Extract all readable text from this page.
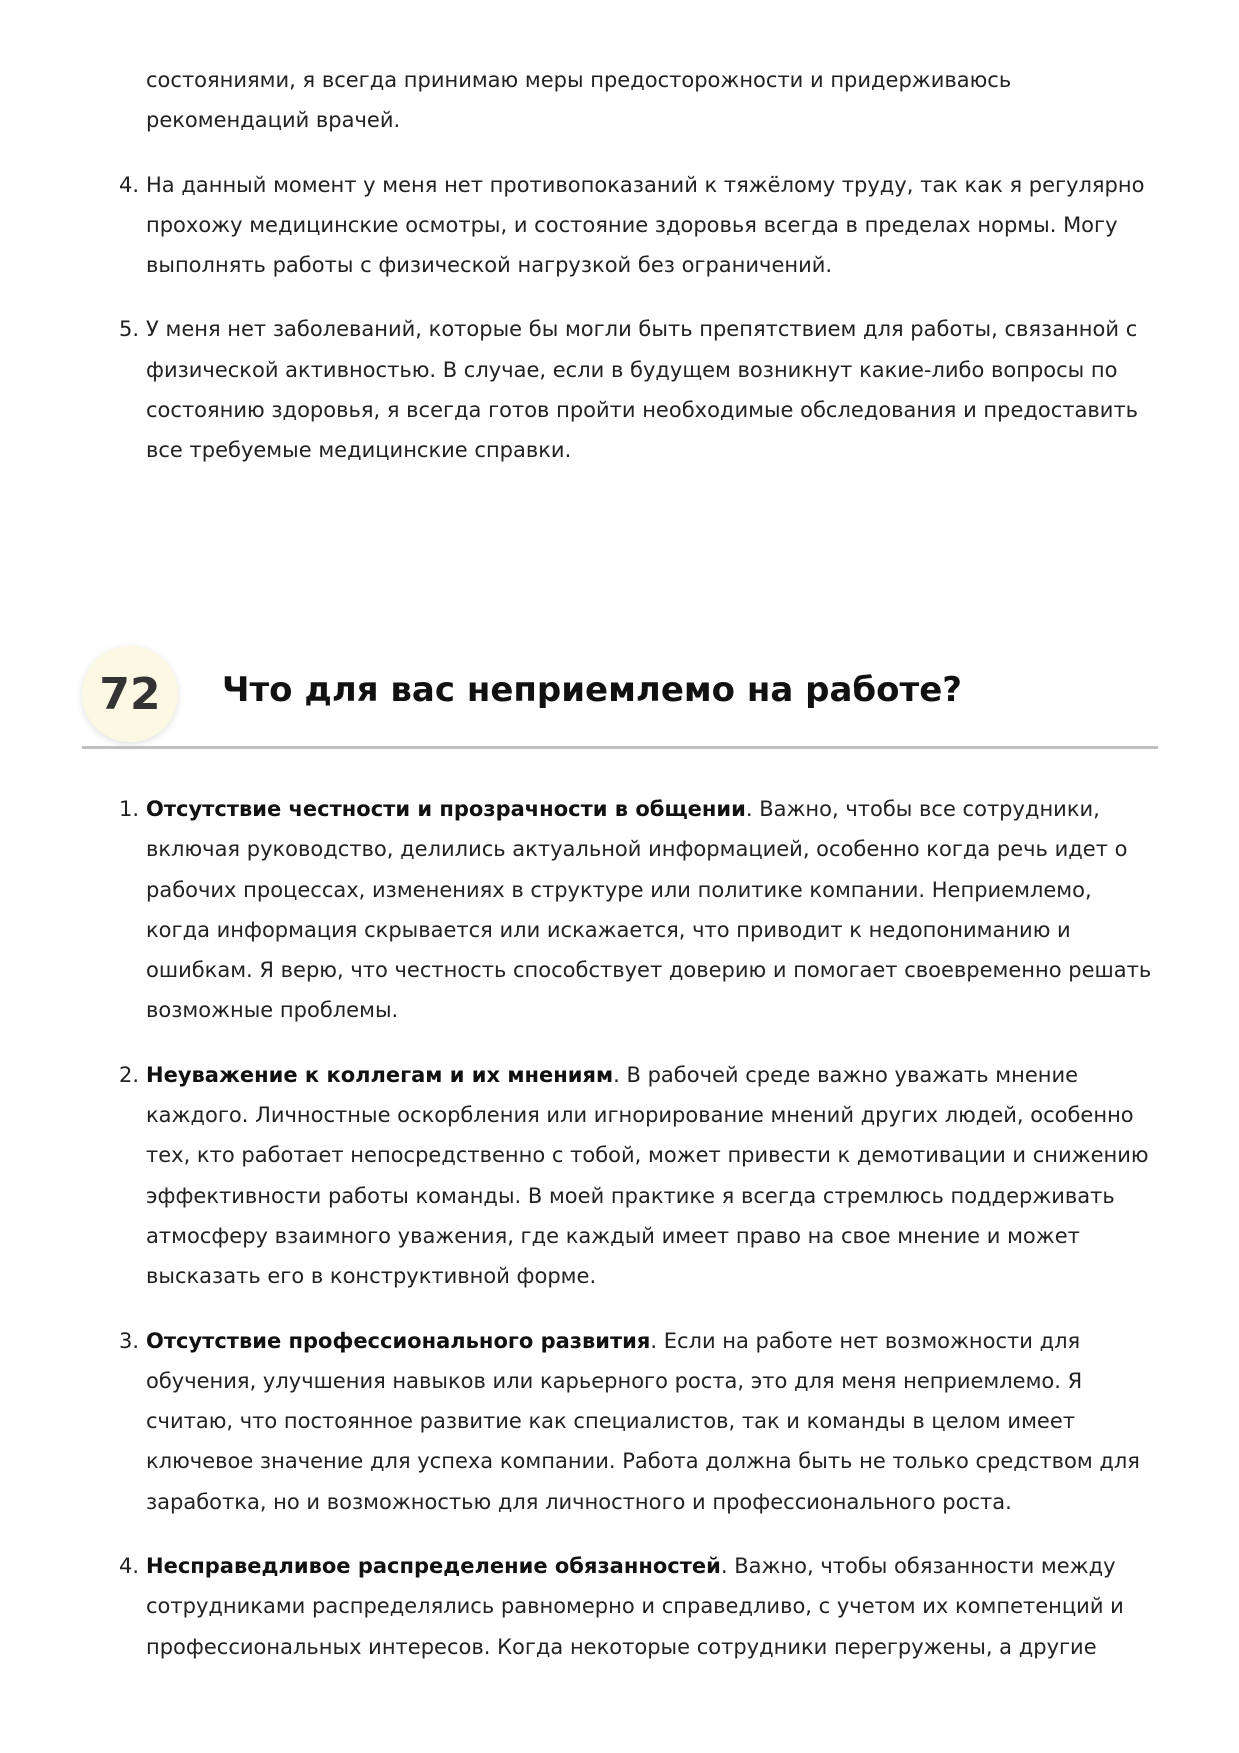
состояниями, я всегда принимаю меры предосторожности и придерживаюсь рекомендаций врачей.
4. На данный момент у меня нет противопоказаний к тяжёлому труду, так как я регулярно прохожу медицинские осмотры, и состояние здоровья всегда в пределах нормы. Могу выполнять работы с физической нагрузкой без ограничений.
5. У меня нет заболеваний, которые бы могли быть препятствием для работы, связанной с физической активностью. В случае, если в будущем возникнут какие-либо вопросы по состоянию здоровья, я всегда готов пройти необходимые обследования и предоставить все требуемые медицинские справки.
72	Что для вас неприемлемо на работе?
1. Отсутствие честности и прозрачности в общении. Важно, чтобы все сотрудники, включая руководство, делились актуальной информацией, особенно когда речь идет о рабочих процессах, изменениях в структуре или политике компании. Неприемлемо, когда информация скрывается или искажается, что приводит к недопониманию и ошибкам. Я верю, что честность способствует доверию и помогает своевременно решать возможные проблемы.
2. Неуважение к коллегам и их мнениям. В рабочей среде важно уважать мнение каждого. Личностные оскорбления или игнорирование мнений других людей, особенно тех, кто работает непосредственно с тобой, может привести к демотивации и снижению эффективности работы команды. В моей практике я всегда стремлюсь поддерживать атмосферу взаимного уважения, где каждый имеет право на свое мнение и может высказать его в конструктивной форме.
3. Отсутствие профессионального развития. Если на работе нет возможности для обучения, улучшения навыков или карьерного роста, это для меня неприемлемо. Я считаю, что постоянное развитие как специалистов, так и команды в целом имеет ключевое значение для успеха компании. Работа должна быть не только средством для заработка, но и возможностью для личностного и профессионального роста.
4. Несправедливое распределение обязанностей. Важно, чтобы обязанности между сотрудниками распределялись равномерно и справедливо, с учетом их компетенций и профессиональных интересов. Когда некоторые сотрудники перегружены, а другие
